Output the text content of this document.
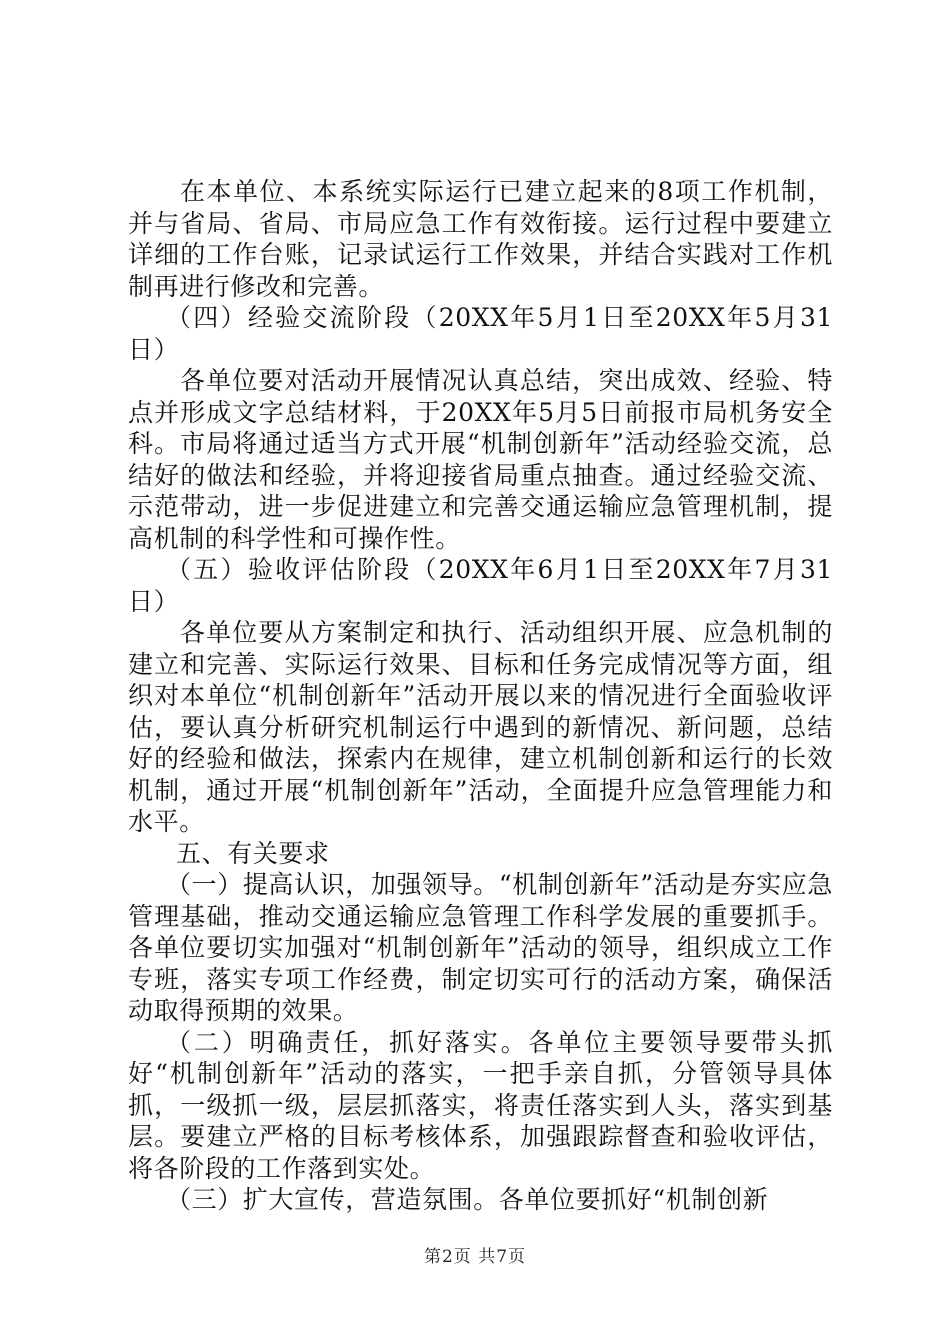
在本单位、本系统实际运行已建立起来的8项工作机制，并与省局、省局、市局应急工作有效衔接。运行过程中要建立详细的工作台账，记录试运行工作效果，并结合实践对工作机制再进行修改和完善。

（四）经验交流阶段（20XX年5月1日至20XX年5月31日）

各单位要对活动开展情况认真总结，突出成效、经验、特点并形成文字总结材料，于20XX年5月5日前报市局机务安全科。市局将通过适当方式开展“机制创新年”活动经验交流，总结好的做法和经验，并将迎接省局重点抽查。通过经验交流、示范带动，进一步促进建立和完善交通运输应急管理机制，提高机制的科学性和可操作性。

（五）验收评估阶段（20XX年6月1日至20XX年7月31日）

各单位要从方案制定和执行、活动组织开展、应急机制的建立和完善、实际运行效果、目标和任务完成情况等方面，组织对本单位“机制创新年”活动开展以来的情况进行全面验收评估，要认真分析研究机制运行中遇到的新情况、新问题，总结好的经验和做法，探索内在规律，建立机制创新和运行的长效机制，通过开展“机制创新年”活动，全面提升应急管理能力和水平。

五、有关要求

（一）提高认识，加强领导。“机制创新年”活动是夯实应急管理基础，推动交通运输应急管理工作科学发展的重要抓手。各单位要切实加强对“机制创新年”活动的领导，组织成立工作专班，落实专项工作经费，制定切实可行的活动方案，确保活动取得预期的效果。

（二）明确责任，抓好落实。各单位主要领导要带头抓好“机制创新年”活动的落实，一把手亲自抓，分管领导具体抓，一级抓一级，层层抓落实，将责任落实到人头，落实到基层。要建立严格的目标考核体系，加强跟踪督查和验收评估，将各阶段的工作落到实处。

（三）扩大宣传，营造氛围。各单位要抓好“机制创新

第2页 共7页
